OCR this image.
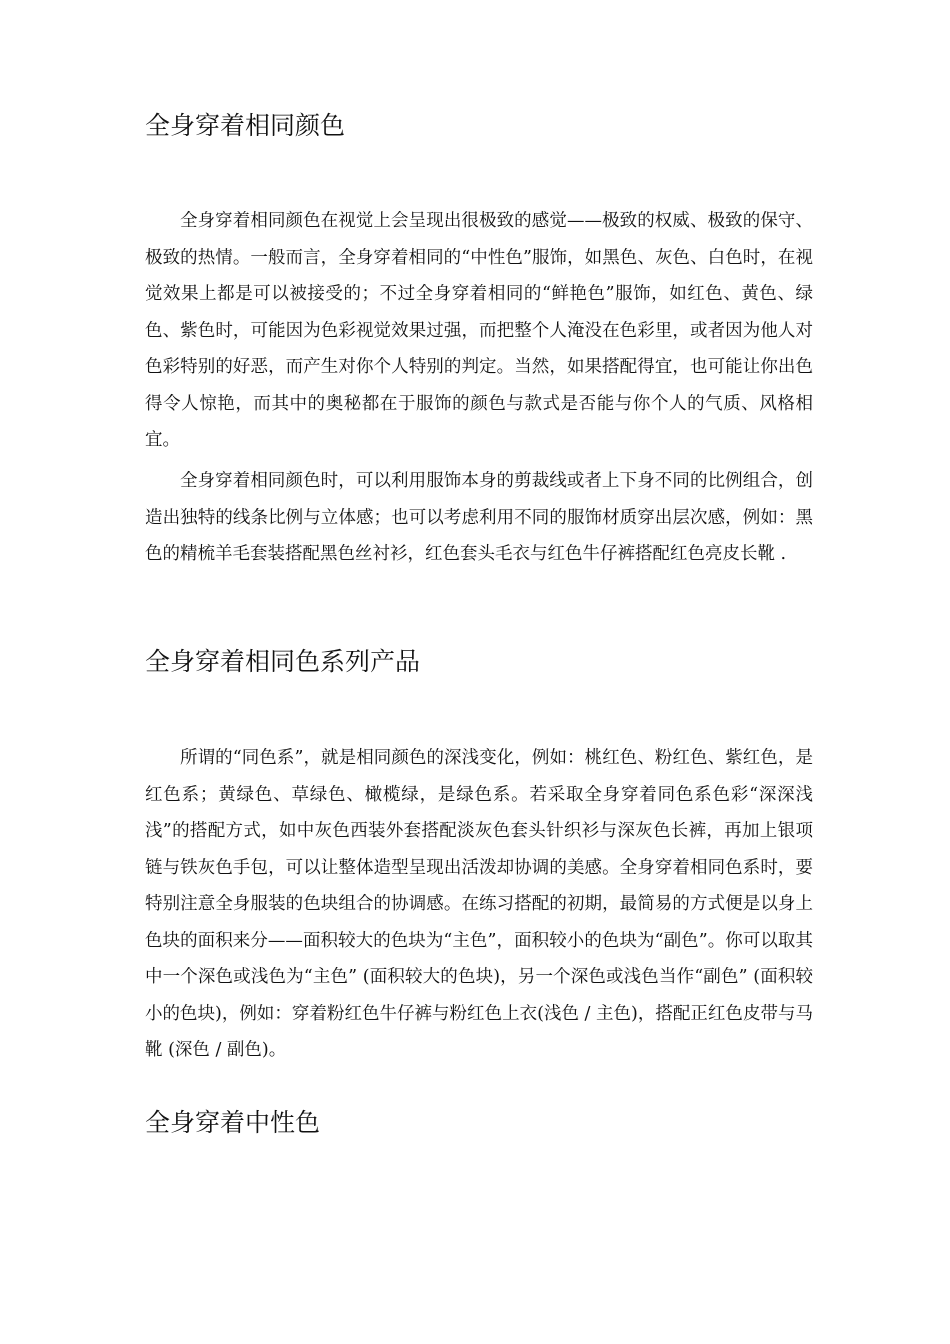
全身穿着相同颜色

全身穿着相同颜色在视觉上会呈现出很极致的感觉——极致的权威、极致的保守、极致的热情。一般而言，全身穿着相同的“中性色”服饰，如黑色、灰色、白色时，在视觉效果上都是可以被接受的；不过全身穿着相同的“鲜艳色”服饰，如红色、黄色、绿色、紫色时，可能因为色彩视觉效果过强，而把整个人淹没在色彩里，或者因为他人对色彩特别的好恶，而产生对你个人特别的判定。当然，如果搭配得宜，也可能让你出色得令人惊艳，而其中的奥秘都在于服饰的颜色与款式是否能与你个人的气质、风格相宜。

全身穿着相同颜色时，可以利用服饰本身的剪裁线或者上下身不同的比例组合，创造出独特的线条比例与立体感；也可以考虑利用不同的服饰材质穿出层次感，例如：黑色的精梳羊毛套装搭配黑色丝衬衫，红色套头毛衣与红色牛仔裤搭配红色亮皮长靴 .

全身穿着相同色系列产品

所谓的“同色系”，就是相同颜色的深浅变化，例如：桃红色、粉红色、紫红色，是红色系；黄绿色、草绿色、橄榄绿，是绿色系。若采取全身穿着同色系色彩“深深浅浅”的搭配方式，如中灰色西装外套搭配淡灰色套头针织衫与深灰色长裤，再加上银项链与铁灰色手包，可以让整体造型呈现出活泼却协调的美感。全身穿着相同色系时，要特别注意全身服装的色块组合的协调感。在练习搭配的初期，最简易的方式便是以身上色块的面积来分——面积较大的色块为“主色”，面积较小的色块为“副色”。你可以取其中一个深色或浅色为“主色” (面积较大的色块)，另一个深色或浅色当作“副色” (面积较小的色块)，例如：穿着粉红色牛仔裤与粉红色上衣(浅色 / 主色)，搭配正红色皮带与马靴 (深色 / 副色)。

全身穿着中性色
